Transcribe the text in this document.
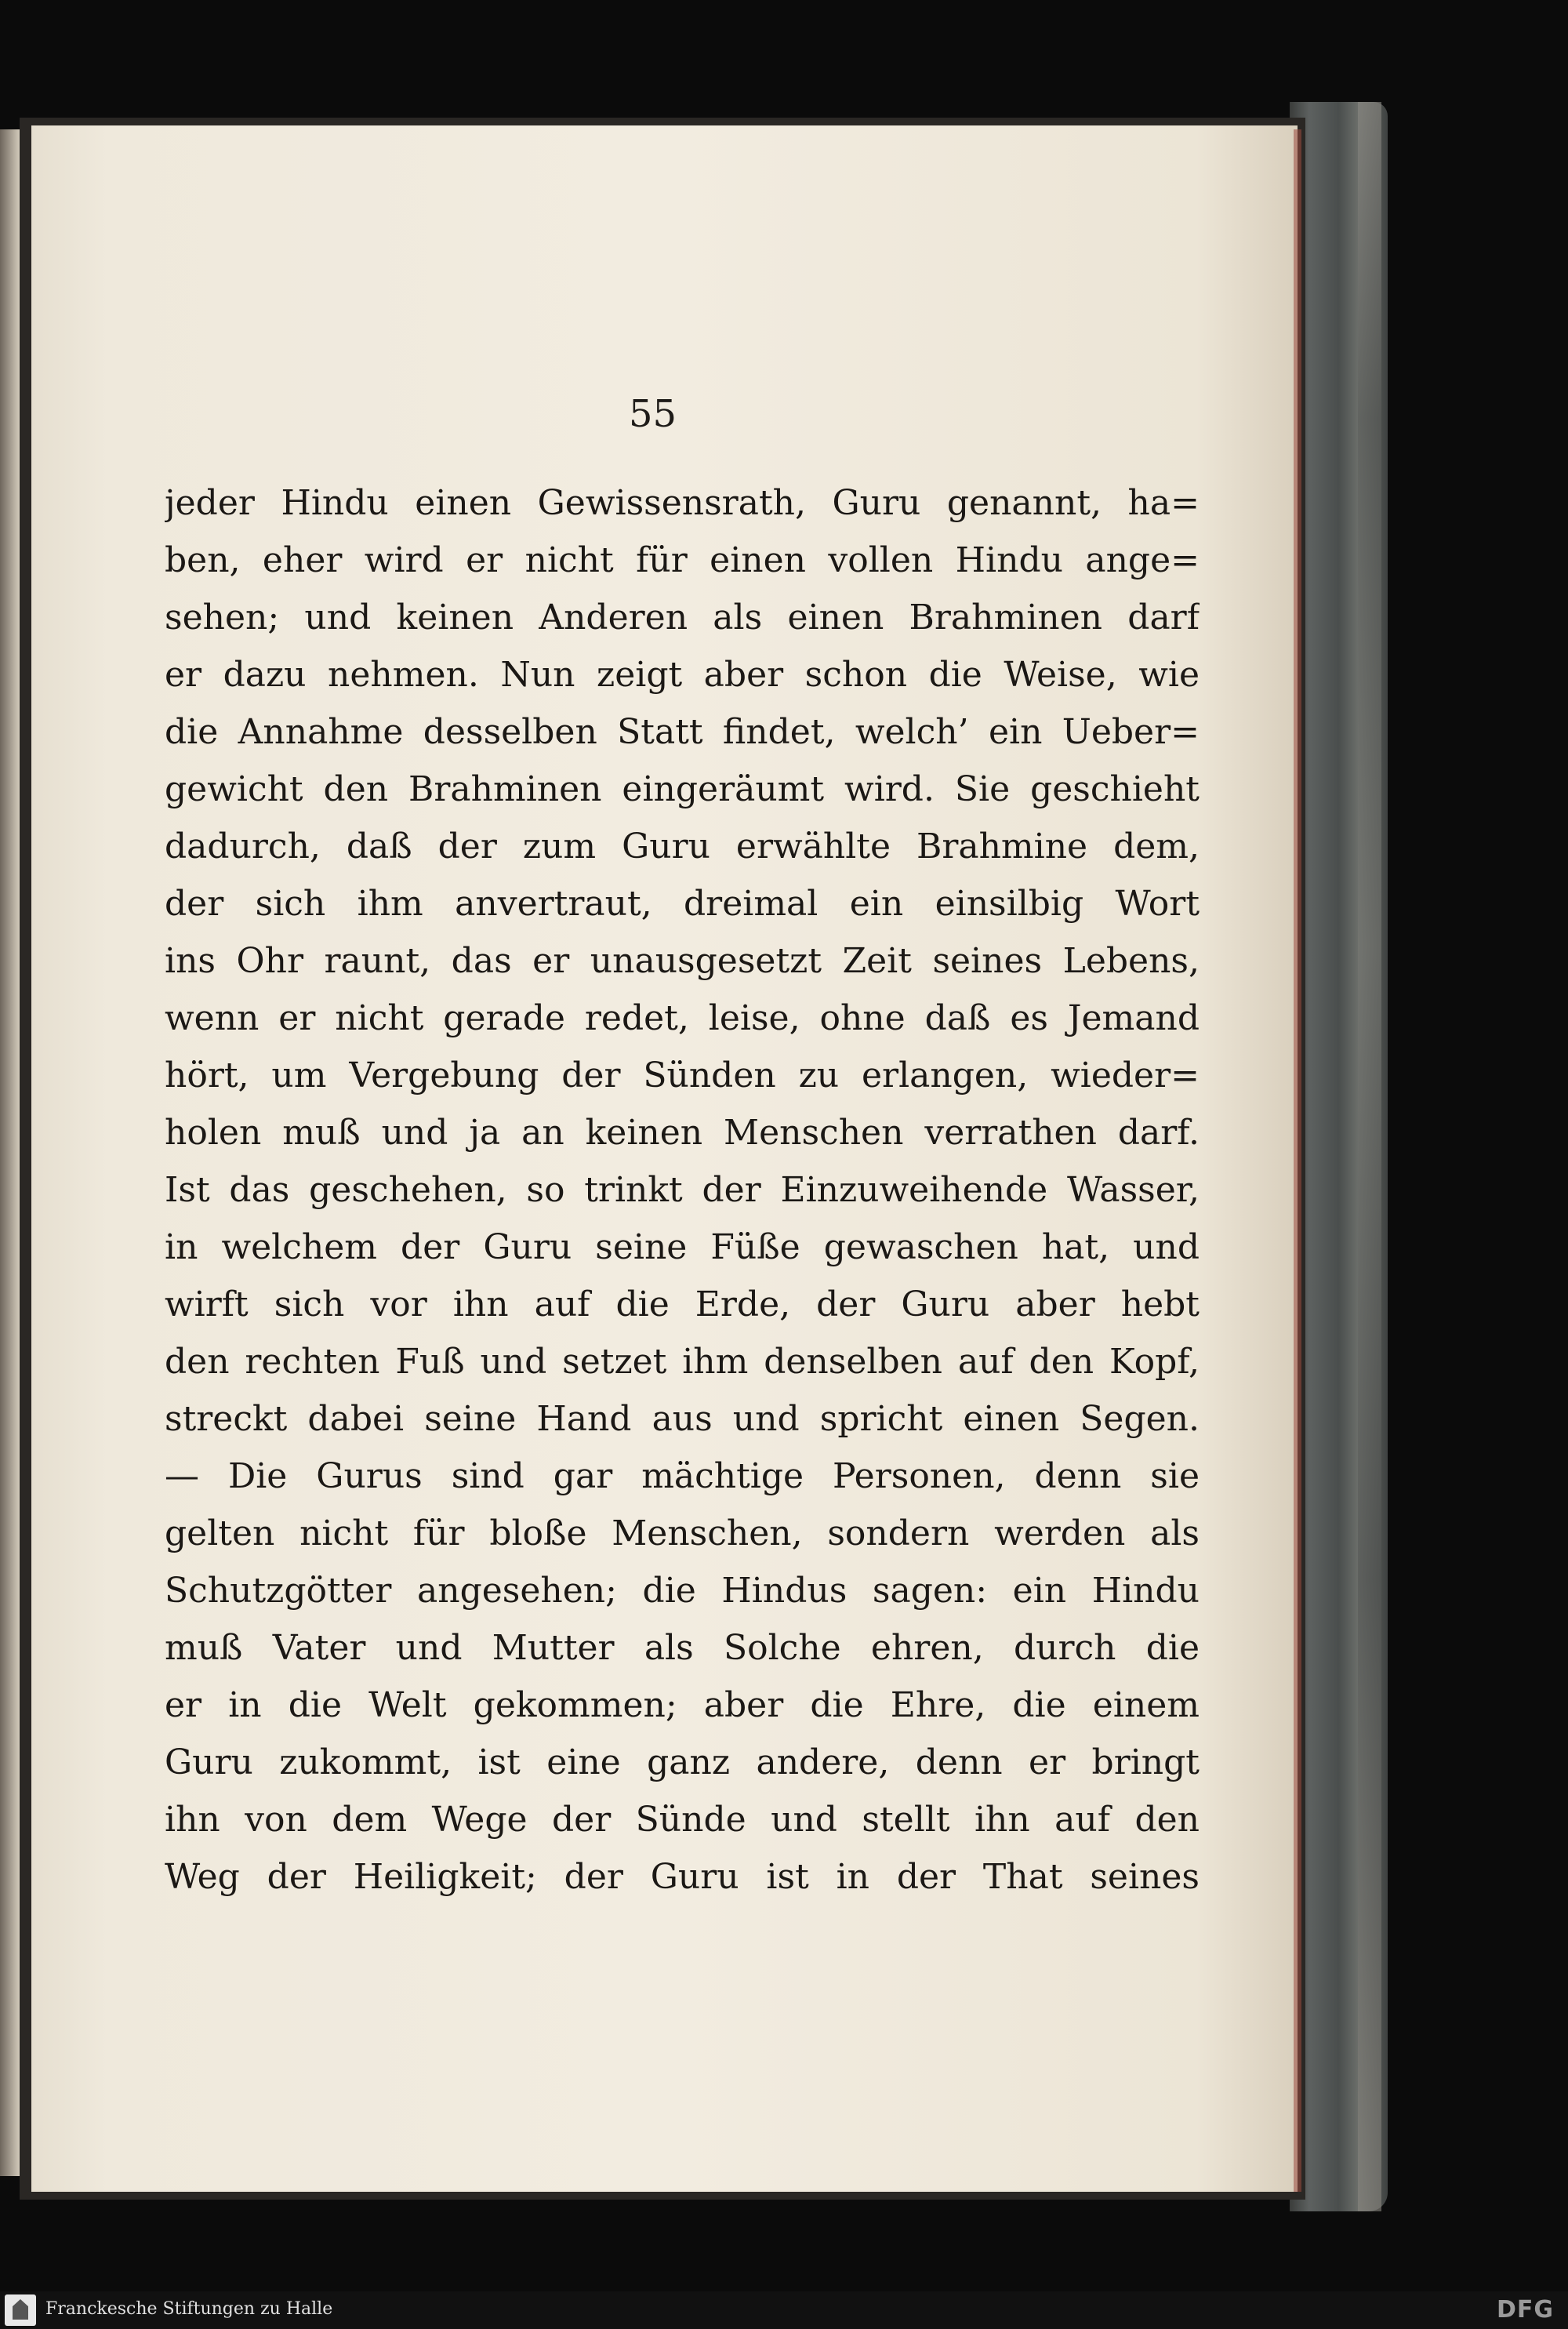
55
jeder Hindu einen Gewissensrath, Guru genannt, ha=
ben, eher wird er nicht für einen vollen Hindu ange=
sehen; und keinen Anderen als einen Brahminen darf
er dazu nehmen. Nun zeigt aber schon die Weise, wie
die Annahme desselben Statt findet, welch’ ein Ueber=
gewicht den Brahminen eingeräumt wird. Sie geschieht
dadurch, daß der zum Guru erwählte Brahmine dem,
der sich ihm anvertraut, dreimal ein einsilbig Wort
ins Ohr raunt, das er unausgesetzt Zeit seines Lebens,
wenn er nicht gerade redet, leise, ohne daß es Jemand
hört, um Vergebung der Sünden zu erlangen, wieder=
holen muß und ja an keinen Menschen verrathen darf.
Ist das geschehen, so trinkt der Einzuweihende Wasser,
in welchem der Guru seine Füße gewaschen hat, und
wirft sich vor ihn auf die Erde, der Guru aber hebt
den rechten Fuß und setzet ihm denselben auf den Kopf,
streckt dabei seine Hand aus und spricht einen Segen.
— Die Gurus sind gar mächtige Personen, denn sie
gelten nicht für bloße Menschen, sondern werden als
Schutzgötter angesehen; die Hindus sagen: ein Hindu
muß Vater und Mutter als Solche ehren, durch die
er in die Welt gekommen; aber die Ehre, die einem
Guru zukommt, ist eine ganz andere, denn er bringt
ihn von dem Wege der Sünde und stellt ihn auf den
Weg der Heiligkeit; der Guru ist in der That seines
Franckesche Stiftungen zu Halle	DFG
